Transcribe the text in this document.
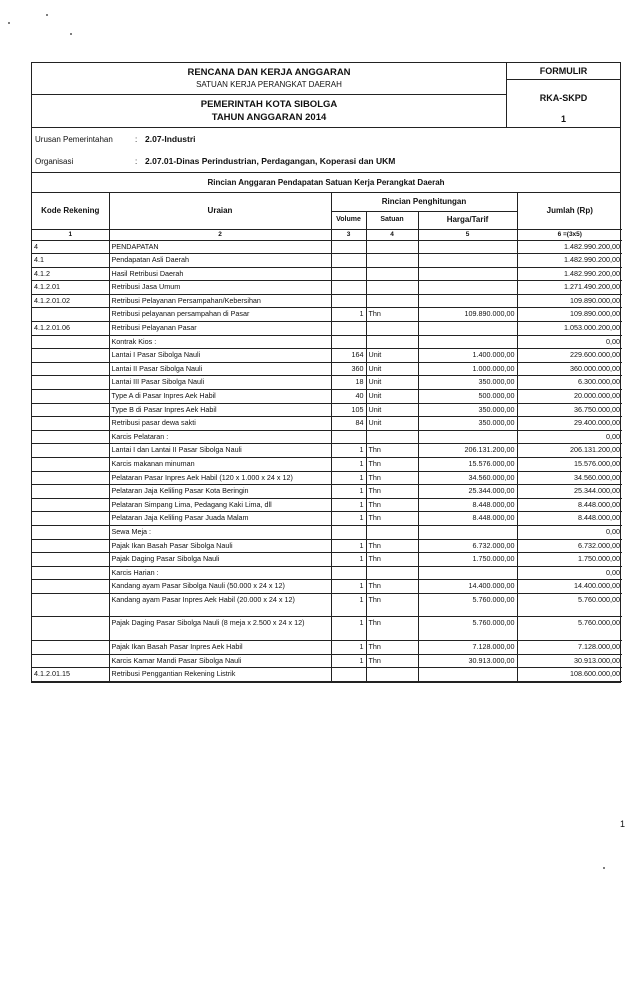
RENCANA DAN KERJA ANGGARAN
SATUAN KERJA PERANGKAT DAERAH
PEMERINTAH KOTA SIBOLGA
TAHUN ANGGARAN 2014
FORMULIR
RKA-SKPD
1
Urusan Pemerintahan	: 2.07-Industri
Organisasi	: 2.07.01-Dinas Perindustrian, Perdagangan, Koperasi dan UKM
Rincian Anggaran Pendapatan Satuan Kerja Perangkat Daerah
Kode Rekening	Uraian	Rincian Penghitungan			Jumlah (Rp)
		Volume	Satuan	Harga/Tarif	
1	2	3	4	5	6 =(3x5)
4	PENDAPATAN				1.482.990.200,00
4.1	Pendapatan Asli Daerah				1.482.990.200,00
4.1.2	Hasil Retribusi Daerah				1.482.990.200,00
4.1.2.01	Retribusi Jasa Umum				1.271.490.200,00
4.1.2.01.02	Retribusi Pelayanan Persampahan/Kebersihan				109.890.000,00
	Retribusi pelayanan persampahan di Pasar	1	Thn	109.890.000,00	109.890.000,00
4.1.2.01.06	Retribusi Pelayanan Pasar				1.053.000.200,00
	Kontrak Kios :				0,00
	Lantai I Pasar Sibolga Nauli	164	Unit	1.400.000,00	229.600.000,00
	Lantai II Pasar Sibolga Nauli	360	Unit	1.000.000,00	360.000.000,00
	Lantai III Pasar Sibolga Nauli	18	Unit	350.000,00	6.300.000,00
	Type A di Pasar Inpres Aek Habil	40	Unit	500.000,00	20.000.000,00
	Type B di Pasar Inpres Aek Habil	105	Unit	350.000,00	36.750.000,00
	Retribusi pasar dewa sakti	84	Unit	350.000,00	29.400.000,00
	Karcis Pelataran :				0,00
	Lantai I dan Lantai II Pasar Sibolga Nauli	1	Thn	206.131.200,00	206.131.200,00
	Karcis makanan minuman	1	Thn	15.576.000,00	15.576.000,00
	Pelataran Pasar Inpres Aek Habil (120 x 1.000 x 24 x 12)	1	Thn	34.560.000,00	34.560.000,00
	Pelataran Jaja Keliling Pasar Kota Beringin	1	Thn	25.344.000,00	25.344.000,00
	Pelataran Simpang Lima, Pedagang Kaki Lima, dll	1	Thn	8.448.000,00	8.448.000,00
	Pelataran Jaja Keliling Pasar Juada Malam	1	Thn	8.448.000,00	8.448.000,00
	Sewa Meja :				0,00
	Pajak Ikan Basah Pasar Sibolga Nauli	1	Thn	6.732.000,00	6.732.000,00
	Pajak Daging Pasar Sibolga Nauli	1	Thn	1.750.000,00	1.750.000,00
	Karcis Harian :				0,00
	Kandang ayam Pasar Sibolga Nauli (50.000 x 24 x 12)	1	Thn	14.400.000,00	14.400.000,00
	Kandang ayam Pasar Inpres Aek Habil (20.000 x 24 x 12)	1	Thn	5.760.000,00	5.760.000,00
	Pajak Daging Pasar Sibolga Nauli (8 meja x 2.500 x 24 x 12)	1	Thn	5.760.000,00	5.760.000,00
	Pajak Ikan Basah Pasar Inpres Aek Habil	1	Thn	7.128.000,00	7.128.000,00
	Karcis Kamar Mandi Pasar Sibolga Nauli	1	Thn	30.913.000,00	30.913.000,00
4.1.2.01.15	Retribusi Penggantian Rekening Listrik				108.600.000,00
1
